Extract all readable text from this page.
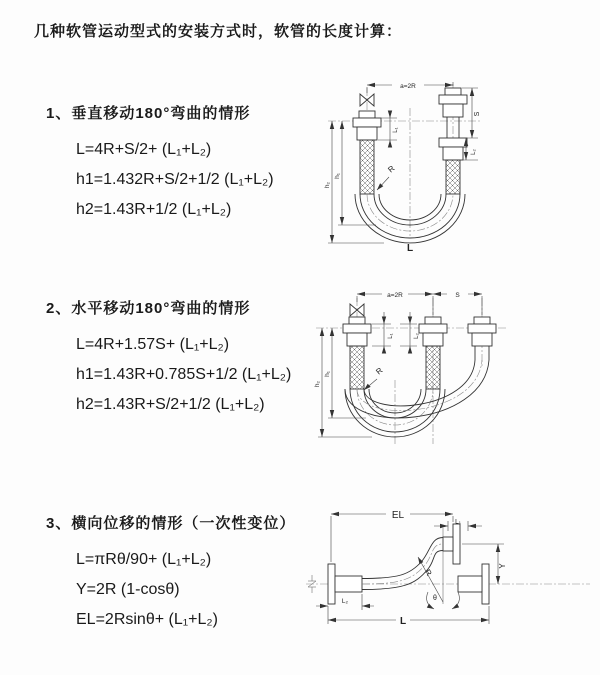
几种软管运动型式的安装方式时，软管的长度计算：

1、垂直移动180°弯曲的情形

L=4R+S/2+ (L₁+L₂)

h1=1.432R+S/2+1/2 (L₁+L₂)

h2=1.43R+1/2 (L₁+L₂)

2、水平移动180°弯曲的情形

L=4R+1.57S+ (L₁+L₂)

h1=1.43R+0.785S+1/2 (L₁+L₂)

h2=1.43R+S/2+1/2 (L₁+L₂)

3、横向位移的情形（一次性变位）

L=πRθ/90+ (L₁+L₂)

Y=2R (1-cosθ)

EL=2Rsinθ+ (L₁+L₂)

a=2R
h₁
h₂
L₁
S
L₂
R
L
a=2R	S
h₁
h₂
L₁	L₂
R
R
θ
EL
L₁
Y
L₂
L
